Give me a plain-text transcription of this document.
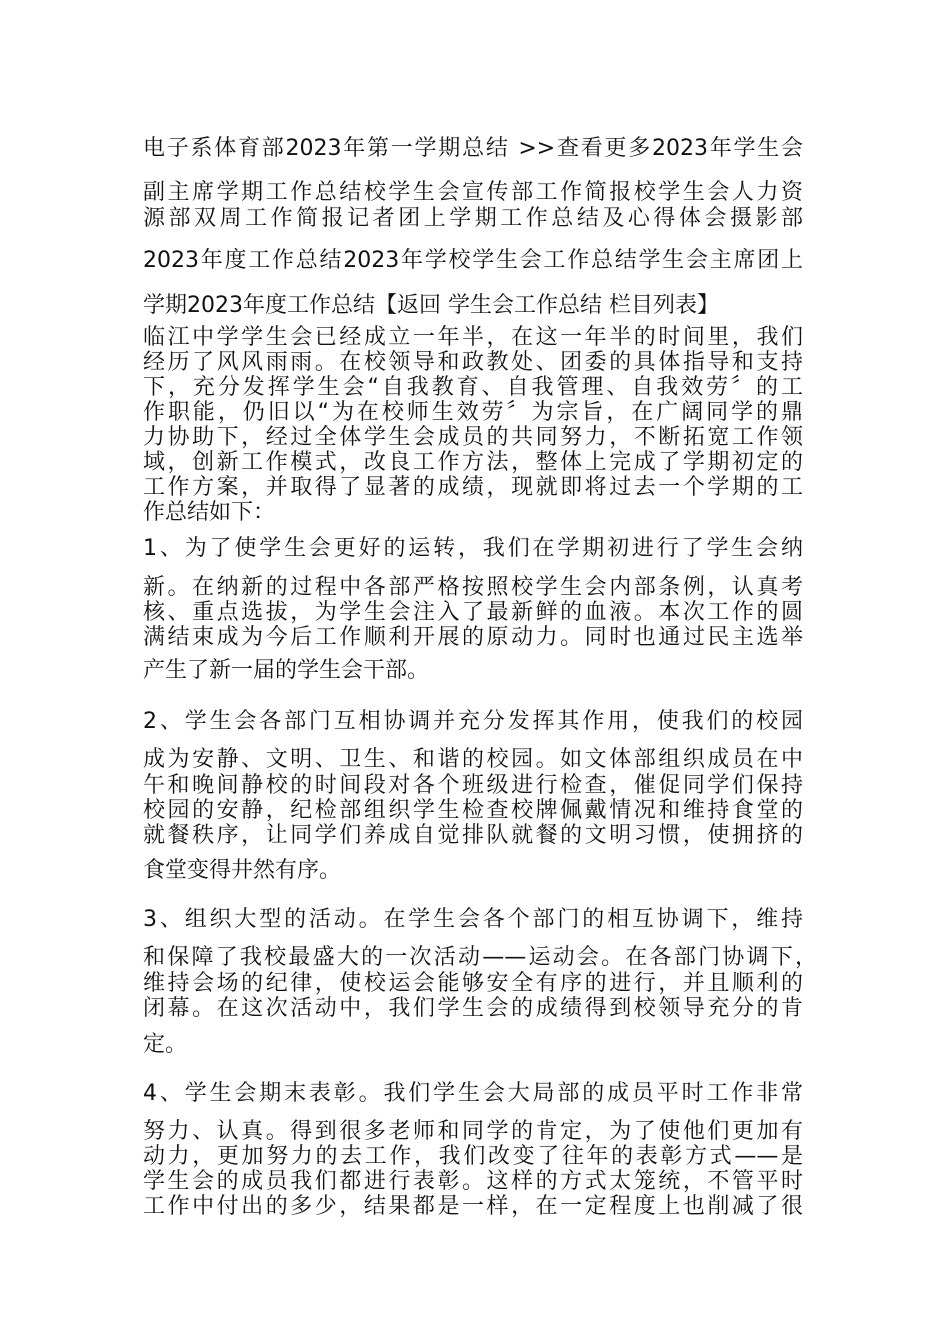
电子系体育部2023年第一学期总结 >>查看更多2023年学生会
副主席学期工作总结校学生会宣传部工作简报校学生会人力资
源部双周工作简报记者团上学期工作总结及心得体会摄影部
2023年度工作总结2023年学校学生会工作总结学生会主席团上
学期2023年度工作总结【返回 学生会工作总结 栏目列表】
临江中学学生会已经成立一年半，在这一年半的时间里，我们
经历了风风雨雨。在校领导和政教处、团委的具体指导和支持
下，充分发挥学生会“自我教育、自我管理、自我效劳〞的工
作职能，仍旧以“为在校师生效劳〞为宗旨，在广阔同学的鼎
力协助下，经过全体学生会成员的共同努力，不断拓宽工作领
域，创新工作模式，改良工作方法，整体上完成了学期初定的
工作方案，并取得了显著的成绩，现就即将过去一个学期的工
作总结如下：
1、为了使学生会更好的运转，我们在学期初进行了学生会纳
新。在纳新的过程中各部严格按照校学生会内部条例，认真考
核、重点选拔，为学生会注入了最新鲜的血液。本次工作的圆
满结束成为今后工作顺利开展的原动力。同时也通过民主选举
产生了新一届的学生会干部。
2、学生会各部门互相协调并充分发挥其作用，使我们的校园
成为安静、文明、卫生、和谐的校园。如文体部组织成员在中
午和晚间静校的时间段对各个班级进行检查，催促同学们保持
校园的安静，纪检部组织学生检查校牌佩戴情况和维持食堂的
就餐秩序，让同学们养成自觉排队就餐的文明习惯，使拥挤的
食堂变得井然有序。
3、组织大型的活动。在学生会各个部门的相互协调下，维持
和保障了我校最盛大的一次活动——运动会。在各部门协调下，
维持会场的纪律，使校运会能够安全有序的进行，并且顺利的
闭幕。在这次活动中，我们学生会的成绩得到校领导充分的肯
定。
4、学生会期末表彰。我们学生会大局部的成员平时工作非常
努力、认真。得到很多老师和同学的肯定，为了使他们更加有
动力，更加努力的去工作，我们改变了往年的表彰方式——是
学生会的成员我们都进行表彰。这样的方式太笼统，不管平时
工作中付出的多少，结果都是一样，在一定程度上也削减了很
